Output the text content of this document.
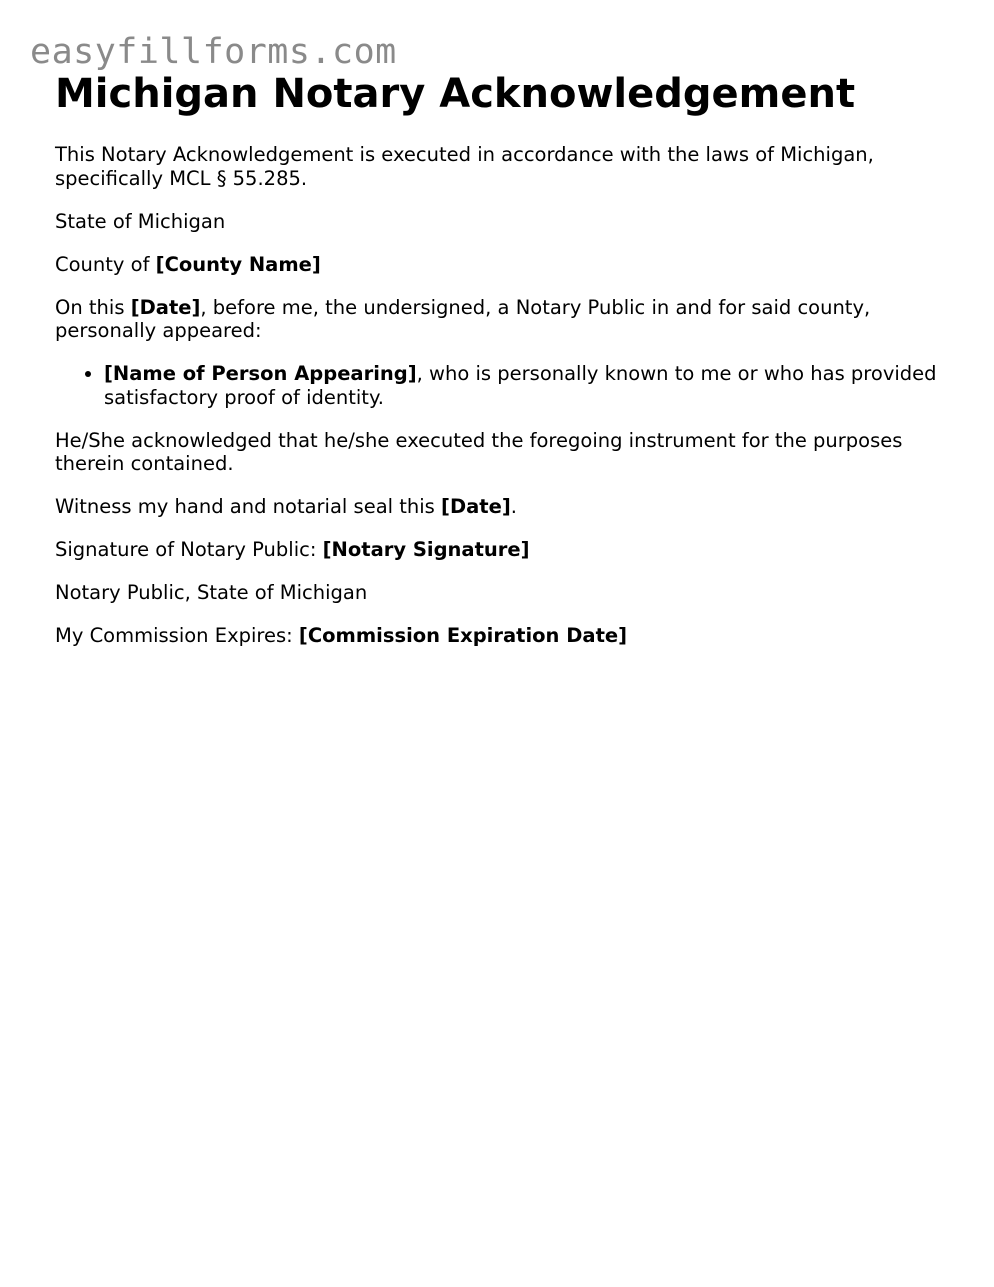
easyfillforms.com
Michigan Notary Acknowledgement

This Notary Acknowledgement is executed in accordance with the laws of Michigan, specifically MCL § 55.285.

State of Michigan

County of [County Name]

On this [Date], before me, the undersigned, a Notary Public in and for said county, personally appeared:

• [Name of Person Appearing], who is personally known to me or who has provided satisfactory proof of identity.

He/She acknowledged that he/she executed the foregoing instrument for the purposes therein contained.

Witness my hand and notarial seal this [Date].

Signature of Notary Public: [Notary Signature]

Notary Public, State of Michigan

My Commission Expires: [Commission Expiration Date]
